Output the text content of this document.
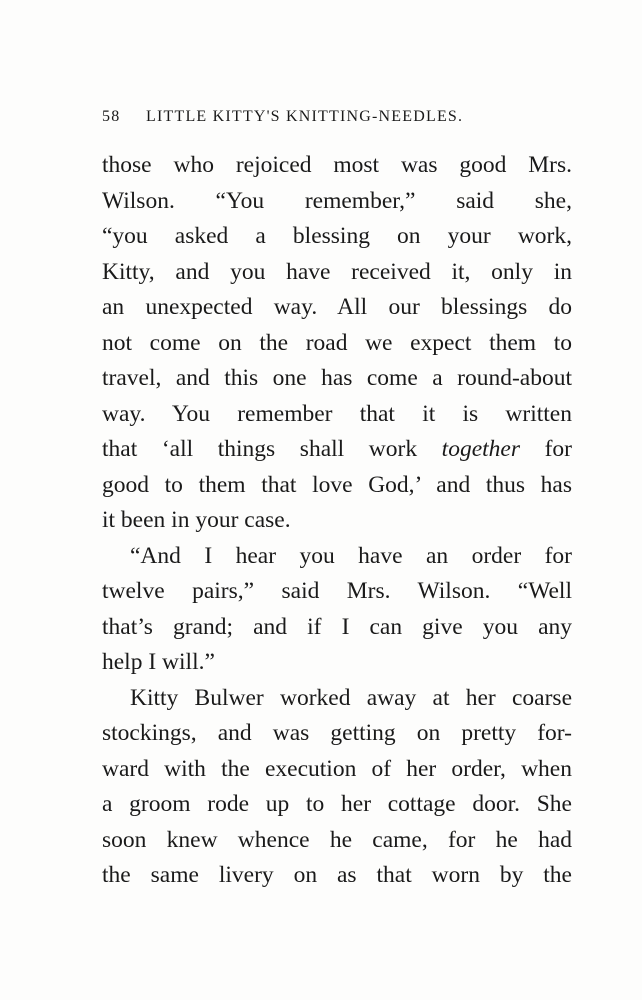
58 LITTLE KITTY'S KNITTING-NEEDLES.
those who rejoiced most was good Mrs.
Wilson. “You remember,” said she,
“you asked a blessing on your work,
Kitty, and you have received it, only in
an unexpected way. All our blessings do
not come on the road we expect them to
travel, and this one has come a round-about
way. You remember that it is written
that ‘all things shall work together for
good to them that love God,’ and thus has
it been in your case.
“And I hear you have an order for
twelve pairs,” said Mrs. Wilson. “Well
that’s grand; and if I can give you any
help I will.”
Kitty Bulwer worked away at her coarse
stockings, and was getting on pretty for-
ward with the execution of her order, when
a groom rode up to her cottage door. She
soon knew whence he came, for he had
the same livery on as that worn by the
